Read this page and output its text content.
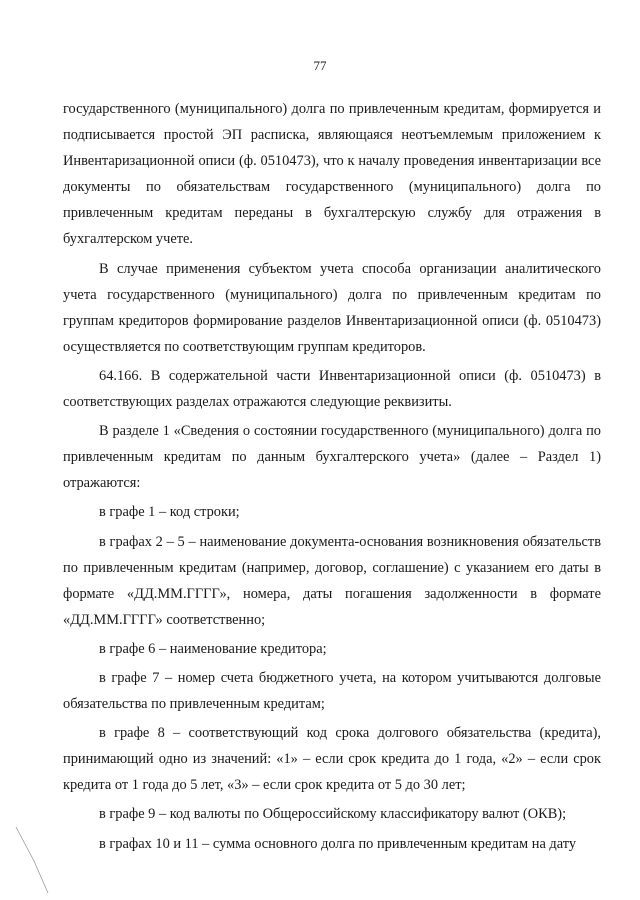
77

государственного (муниципального) долга по привлеченным кредитам, формируется и подписывается простой ЭП расписка, являющаяся неотъемлемым приложением к Инвентаризационной описи (ф. 0510473), что к началу проведения инвентаризации все документы по обязательствам государственного (муниципального) долга по привлеченным кредитам переданы в бухгалтерскую службу для отражения в бухгалтерском учете.

В случае применения субъектом учета способа организации аналитического учета государственного (муниципального) долга по привлеченным кредитам по группам кредиторов формирование разделов Инвентаризационной описи (ф. 0510473) осуществляется по соответствующим группам кредиторов.

64.166. В содержательной части Инвентаризационной описи (ф. 0510473) в соответствующих разделах отражаются следующие реквизиты.

В разделе 1 «Сведения о состоянии государственного (муниципального) долга по привлеченным кредитам по данным бухгалтерского учета» (далее – Раздел 1) отражаются:

в графе 1 – код строки;

в графах 2 – 5 – наименование документа-основания возникновения обязательств по привлеченным кредитам (например, договор, соглашение) с указанием его даты в формате «ДД.ММ.ГГГГ», номера, даты погашения задолженности в формате «ДД.ММ.ГГГГ» соответственно;

в графе 6 – наименование кредитора;

в графе 7 – номер счета бюджетного учета, на котором учитываются долговые обязательства по привлеченным кредитам;

в графе 8 – соответствующий код срока долгового обязательства (кредита), принимающий одно из значений: «1» – если срок кредита до 1 года, «2» – если срок кредита от 1 года до 5 лет, «3» – если срок кредита от 5 до 30 лет;

в графе 9 – код валюты по Общероссийскому классификатору валют (ОКВ);

в графах 10 и 11 – сумма основного долга по привлеченным кредитам на дату
